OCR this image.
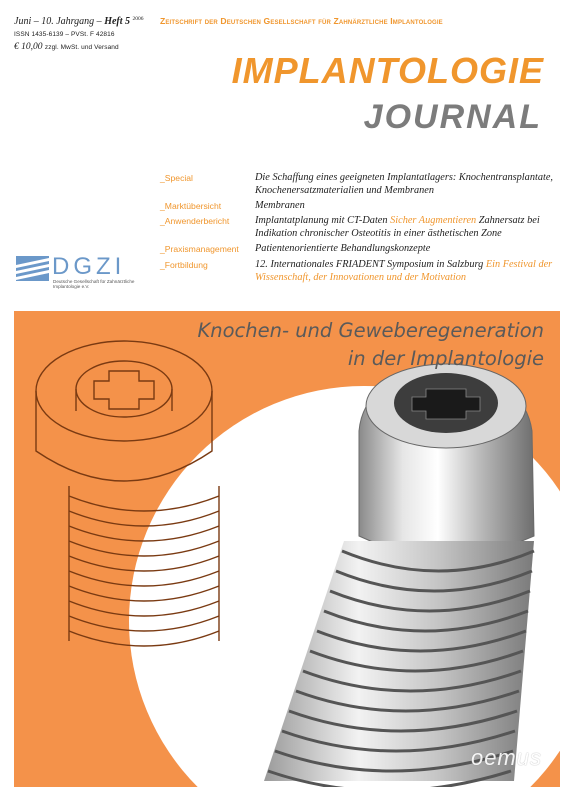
Juni – 10. Jahrgang – Heft 5 $^{2006}$
ISSN 1435-6139 – PVSt. F 42816
€ 10,00 zzgl. MwSt. und Versand
Zeitschrift der Deutschen Gesellschaft für Zahnärztliche Implantologie
IMPLANTOLOGIE
JOURNAL
_Special	Die Schaffung eines geeigneten Implantatlagers: Knochentransplantate, Knochenersatzmaterialien und Membranen
_Marktübersicht	Membranen
_Anwenderbericht	Implantatplanung mit CT-Daten Sicher Augmentieren Zahnersatz bei Indikation chronischer Osteotitis in einer ästhetischen Zone
_Praxismanagement	Patientenorientierte Behandlungskonzepte
_Fortbildung	12. Internationales FRIADENT Symposium in Salzburg Ein Festival der Wissenschaft, der Innovationen und der Motivation
DGZI
Deutsche Gesellschaft für Zahnärztliche Implantologie e.V.
Knochen- und Geweberegeneration
in der Implantologie
oemus
